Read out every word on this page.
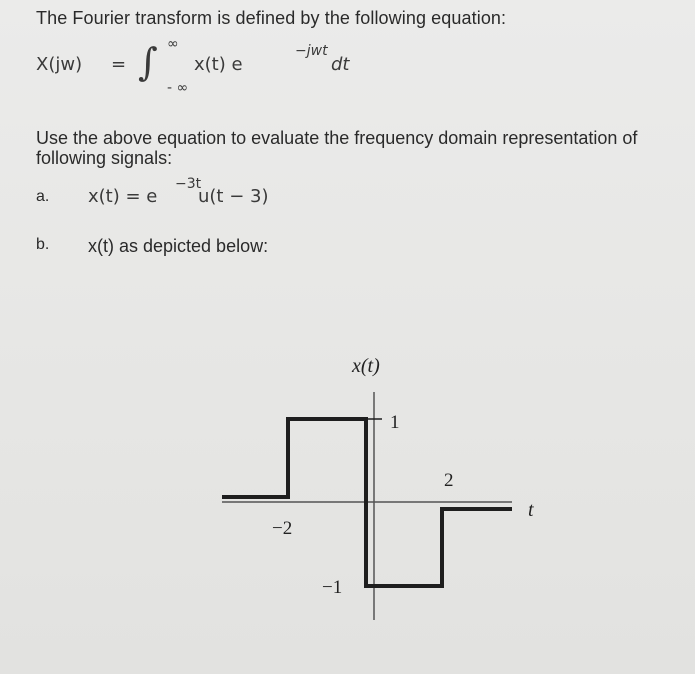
The Fourier transform is defined by the following equation:
X(jw) = ∫ ∞
- ∞
x(t) e
−jwt
dt
Use the above equation to evaluate the frequency domain representation of following signals:
a. x(t) = e
−3t
u(t − 3)
b. x(t) as depicted below:
x(t)
t
1
−2
2
−1
